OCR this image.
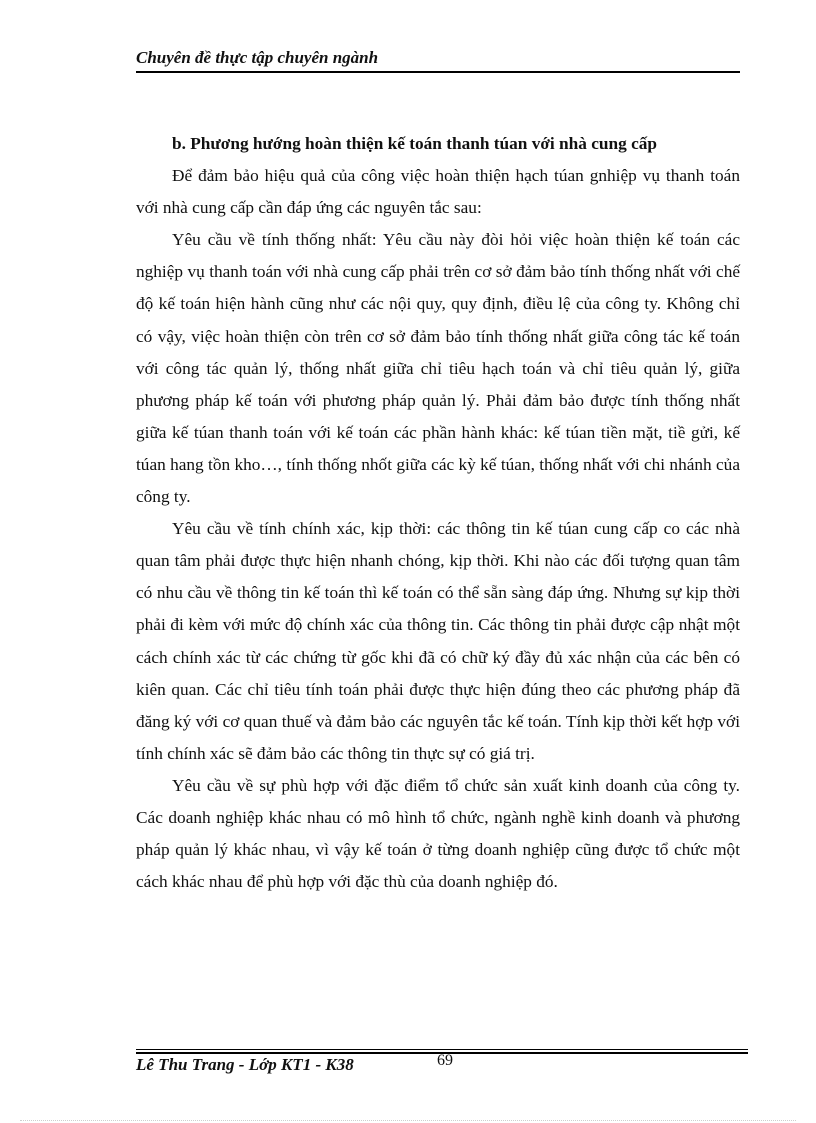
Chuyên đề thực tập chuyên ngành

b. Phương hướng hoàn thiện kế toán thanh túan với nhà cung cấp

Để đảm bảo hiệu quả của công việc hoàn thiện hạch túan gnhiệp vụ thanh toán với nhà cung cấp cần đáp ứng các nguyên tắc sau:

Yêu cầu về tính thống nhất: Yêu cầu này đòi hỏi việc hoàn thiện kế toán các nghiệp vụ thanh toán với nhà cung cấp phải trên cơ sở đảm bảo tính thống nhất với chế độ kế toán hiện hành cũng như các nội quy, quy định, điều lệ của công ty. Không chỉ có vậy, việc hoàn thiện còn trên cơ sở đảm bảo tính thống nhất giữa công tác kế toán với công tác quản lý, thống nhất giữa chỉ tiêu hạch toán và chỉ tiêu quản lý, giữa phương pháp kế toán với phương pháp quản lý. Phải đảm bảo được tính thống nhất giữa kế túan thanh toán với kế toán các phần hành khác: kế túan tiền mặt, tiề gửi, kế túan hang tồn kho…, tính thống nhốt giữa các kỳ kế túan, thống nhất với chi nhánh của công ty.

Yêu cầu về tính chính xác, kịp thời: các thông tin kế túan cung cấp co các nhà quan tâm phải được thực hiện nhanh chóng, kịp thời. Khi nào các đối tượng quan tâm có nhu cầu về thông tin kế toán thì kế toán có thể sẵn sàng đáp ứng. Nhưng sự kịp thời phải đi kèm với mức độ chính xác của thông tin. Các thông tin phải được cập nhật một cách chính xác từ các chứng từ gốc khi đã có chữ ký đầy đủ xác nhận của các bên có kiên quan. Các chỉ tiêu tính toán phải được thực hiện đúng theo các phương pháp đã đăng ký với cơ quan thuế và đảm bảo các nguyên tắc kế toán. Tính kịp thời kết hợp với tính chính xác sẽ đảm bảo các thông tin thực sự có giá trị.

Yêu cầu về sự phù hợp với đặc điểm tổ chức sản xuất kinh doanh của công ty. Các doanh nghiệp khác nhau có mô hình tổ chức, ngành nghề kinh doanh và phương pháp quản lý khác nhau, vì vậy kế toán ở từng doanh nghiệp cũng được tổ chức một cách khác nhau để phù hợp với đặc thù của doanh nghiệp đó.

Lê Thu Trang - Lớp KT1 - K38	69
